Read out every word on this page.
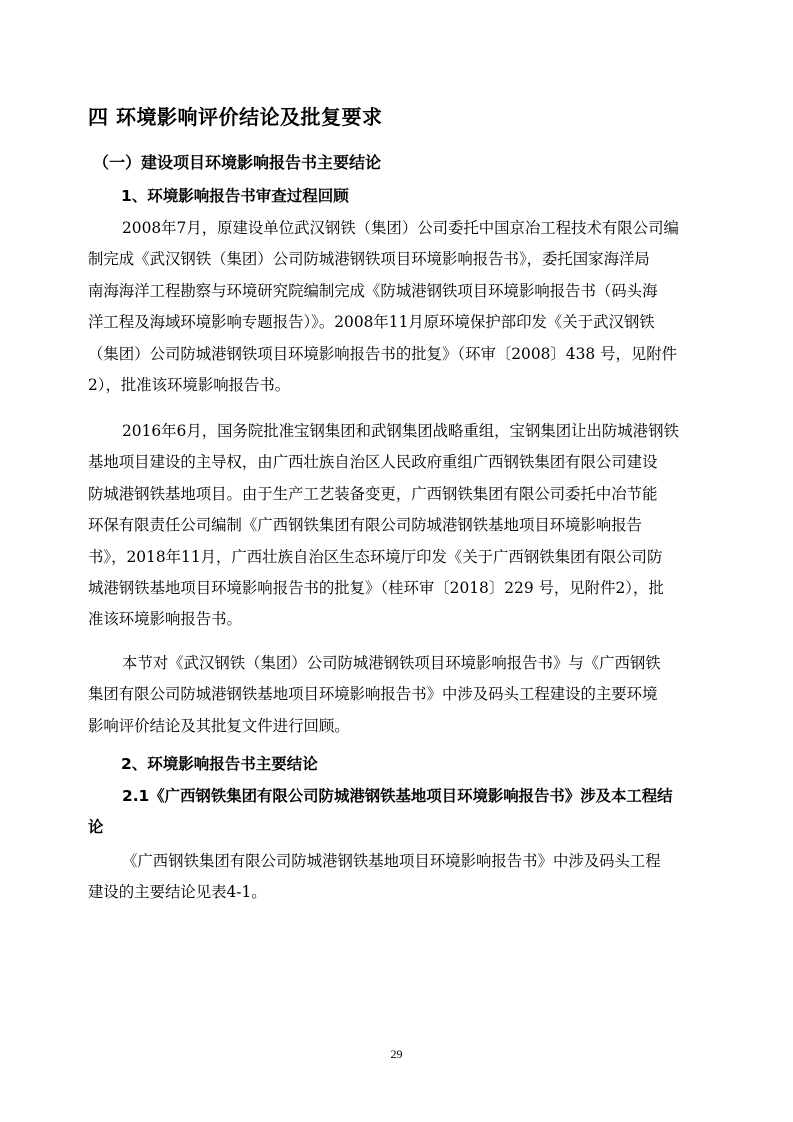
四 环境影响评价结论及批复要求
（一）建设项目环境影响报告书主要结论
1、环境影响报告书审查过程回顾
2008年7月，原建设单位武汉钢铁（集团）公司委托中国京冶工程技术有限公司编
制完成《武汉钢铁（集团）公司防城港钢铁项目环境影响报告书》，委托国家海洋局
南海海洋工程勘察与环境研究院编制完成《防城港钢铁项目环境影响报告书（码头海
洋工程及海域环境影响专题报告）》。2008年11月原环境保护部印发《关于武汉钢铁
（集团）公司防城港钢铁项目环境影响报告书的批复》（环审〔2008〕438 号，见附件
2），批准该环境影响报告书。
2016年6月，国务院批准宝钢集团和武钢集团战略重组，宝钢集团让出防城港钢铁
基地项目建设的主导权，由广西壮族自治区人民政府重组广西钢铁集团有限公司建设
防城港钢铁基地项目。由于生产工艺装备变更，广西钢铁集团有限公司委托中冶节能
环保有限责任公司编制《广西钢铁集团有限公司防城港钢铁基地项目环境影响报告
书》，2018年11月，广西壮族自治区生态环境厅印发《关于广西钢铁集团有限公司防
城港钢铁基地项目环境影响报告书的批复》（桂环审〔2018〕229 号，见附件2），批
准该环境影响报告书。
本节对《武汉钢铁（集团）公司防城港钢铁项目环境影响报告书》与《广西钢铁
集团有限公司防城港钢铁基地项目环境影响报告书》中涉及码头工程建设的主要环境
影响评价结论及其批复文件进行回顾。
2、环境影响报告书主要结论
2.1《广西钢铁集团有限公司防城港钢铁基地项目环境影响报告书》涉及本工程结
论
《广西钢铁集团有限公司防城港钢铁基地项目环境影响报告书》中涉及码头工程
建设的主要结论见表4-1。
29
